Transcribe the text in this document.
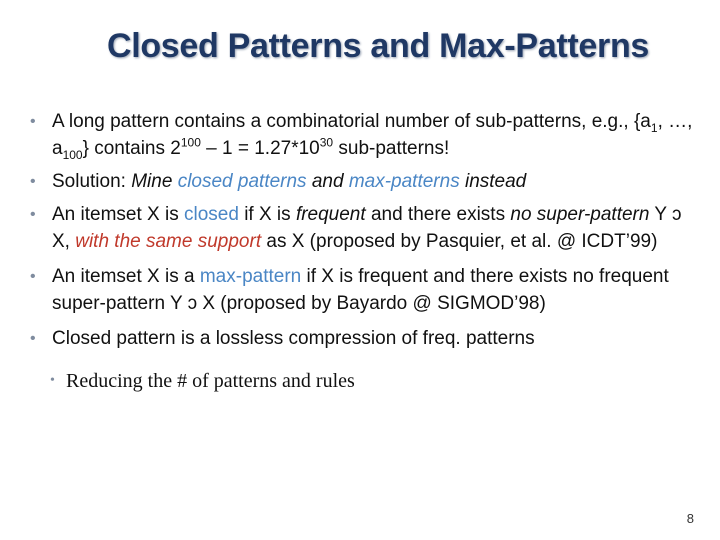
Closed Patterns and Max-Patterns
• A long pattern contains a combinatorial number of sub-patterns, e.g., {$a_1$, …, $a_{100}$} contains $2^{100} - 1 = 1.27*10^{30}$ sub-patterns!
• Solution: Mine closed patterns and max-patterns instead
• An itemset X is closed if X is frequent and there exists no super-pattern Y ɔ X, with the same support as X (proposed by Pasquier, et al. @ ICDT’99)
• An itemset X is a max-pattern if X is frequent and there exists no frequent super-pattern Y ɔ X (proposed by Bayardo @ SIGMOD’98)
• Closed pattern is a lossless compression of freq. patterns
• Reducing the # of patterns and rules
8
